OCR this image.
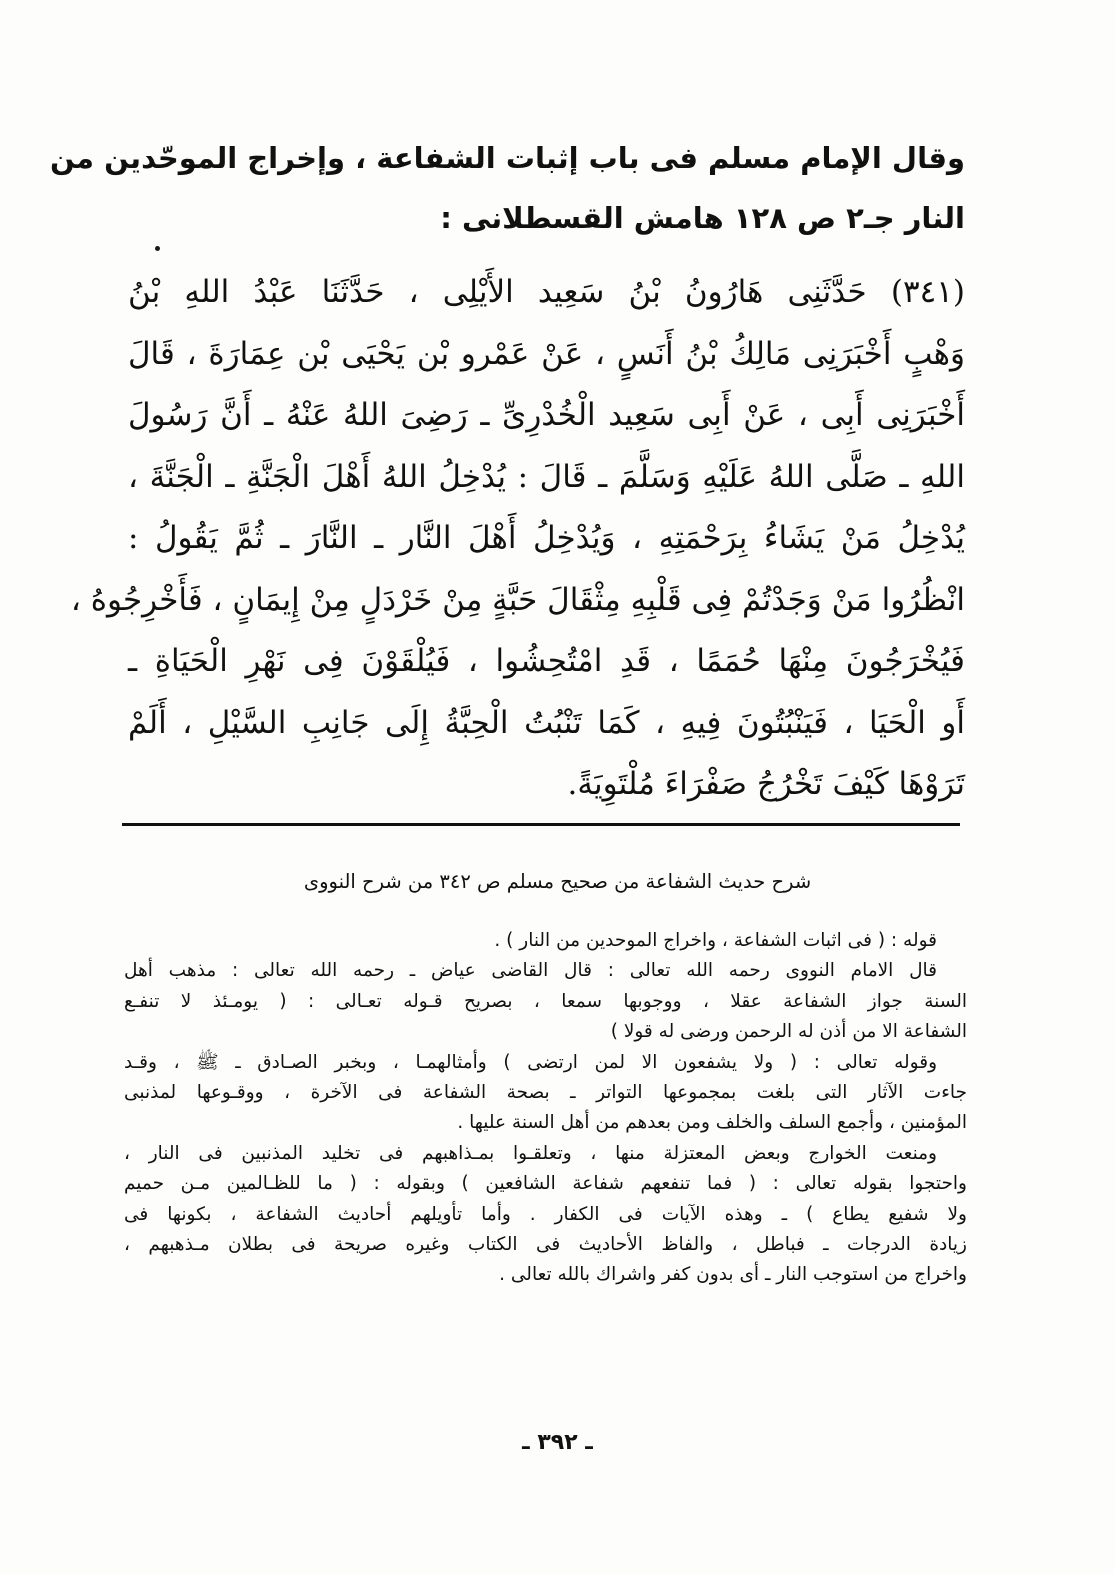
وقال الإمام مسلم فى باب إثبات الشفاعة ، وإخراج الموحّدين من
النار جـ٢ ص ١٢٨ هامش القسطلانى :
(٣٤١) حَدَّثَنِى هَارُونُ بْنُ سَعِيد الأَيْلِى ، حَدَّثَنَا عَبْدُ اللهِ بْنُ
وَهْبٍ أَخْبَرَنِى مَالِكُ بْنُ أَنَسٍ ، عَنْ عَمْرو بْن يَحْيَى بْن عِمَارَةَ ، قَالَ
أَخْبَرَنِى أَبِى ، عَنْ أَبِى سَعِيد الْخُدْرِىِّ ـ رَضِىَ اللهُ عَنْهُ ـ أَنَّ رَسُولَ
اللهِ ـ صَلَّى اللهُ عَلَيْهِ وَسَلَّمَ ـ قَالَ : يُدْخِلُ اللهُ أَهْلَ الْجَنَّةِ ـ الْجَنَّةَ ،
يُدْخِلُ مَنْ يَشَاءُ بِرَحْمَتِهِ ، وَيُدْخِلُ أَهْلَ النَّار ـ النَّارَ ـ ثُمَّ يَقُولُ :
انْظُرُوا مَنْ وَجَدْتُمْ فِى قَلْبِهِ مِثْقَالَ حَبَّةٍ مِنْ خَرْدَلٍ مِنْ إِيمَانٍ ، فَأَخْرِجُوهُ ،
فَيُخْرَجُونَ مِنْهَا حُمَمًا ، قَدِ امْتُحِشُوا ، فَيُلْقَوْنَ فِى نَهْرِ الْحَيَاةِ ـ
أَو الْحَيَا ، فَيَنْبُتُونَ فِيهِ ، كَمَا تَنْبُتُ الْحِبَّةُ إِلَى جَانِبِ السَّيْلِ ، أَلَمْ
تَرَوْهَا كَيْفَ تَخْرُجُ صَفْرَاءَ مُلْتَوِيَةً.
شرح حديث الشفاعة من صحيح مسلم ص ٣٤٢ من شرح النووى
قوله : ( فى اثبات الشفاعة ، واخراج الموحدين من النار ) .
قال الامام النووى رحمه الله تعالى : قال القاضى عياض ـ رحمه الله تعالى : مذهب أهل
السنة جواز الشفاعة عقلا ، ووجوبها سمعا ، بصريح قـوله تعـالى : ( يومـئذ لا تنفـع
الشفاعة الا من أذن له الرحمن ورضى له قولا )
وقوله تعالى : ( ولا يشفعون الا لمن ارتضى ) وأمثالهمـا ، وبخبر الصـادق ـ ﷺ ، وقـد
جاءت الآثار التى بلغت بمجموعها التواتر ـ بصحة الشفاعة فى الآخرة ، ووقـوعها لمذنبى
المؤمنين ، وأجمع السلف والخلف ومن بعدهم من أهل السنة عليها .
ومنعت الخوارج وبعض المعتزلة منها ، وتعلقـوا بمـذاهبهم فى تخليد المذنبين فى النار ،
واحتجوا بقوله تعالى : ( فما تنفعهم شفاعة الشافعين ) وبقوله : ( ما للظـالمين مـن حميم
ولا شفيع يطاع ) ـ وهذه الآيات فى الكفار . وأما تأويلهم أحاديث الشفاعة ، بكونها فى
زيادة الدرجات ـ فباطل ، والفاظ الأحاديث فى الكتاب وغيره صريحة فى بطلان مـذهبهم ،
واخراج من استوجب النار ـ أى بدون كفر واشراك بالله تعالى .
ـ ٣٩٢ ـ
